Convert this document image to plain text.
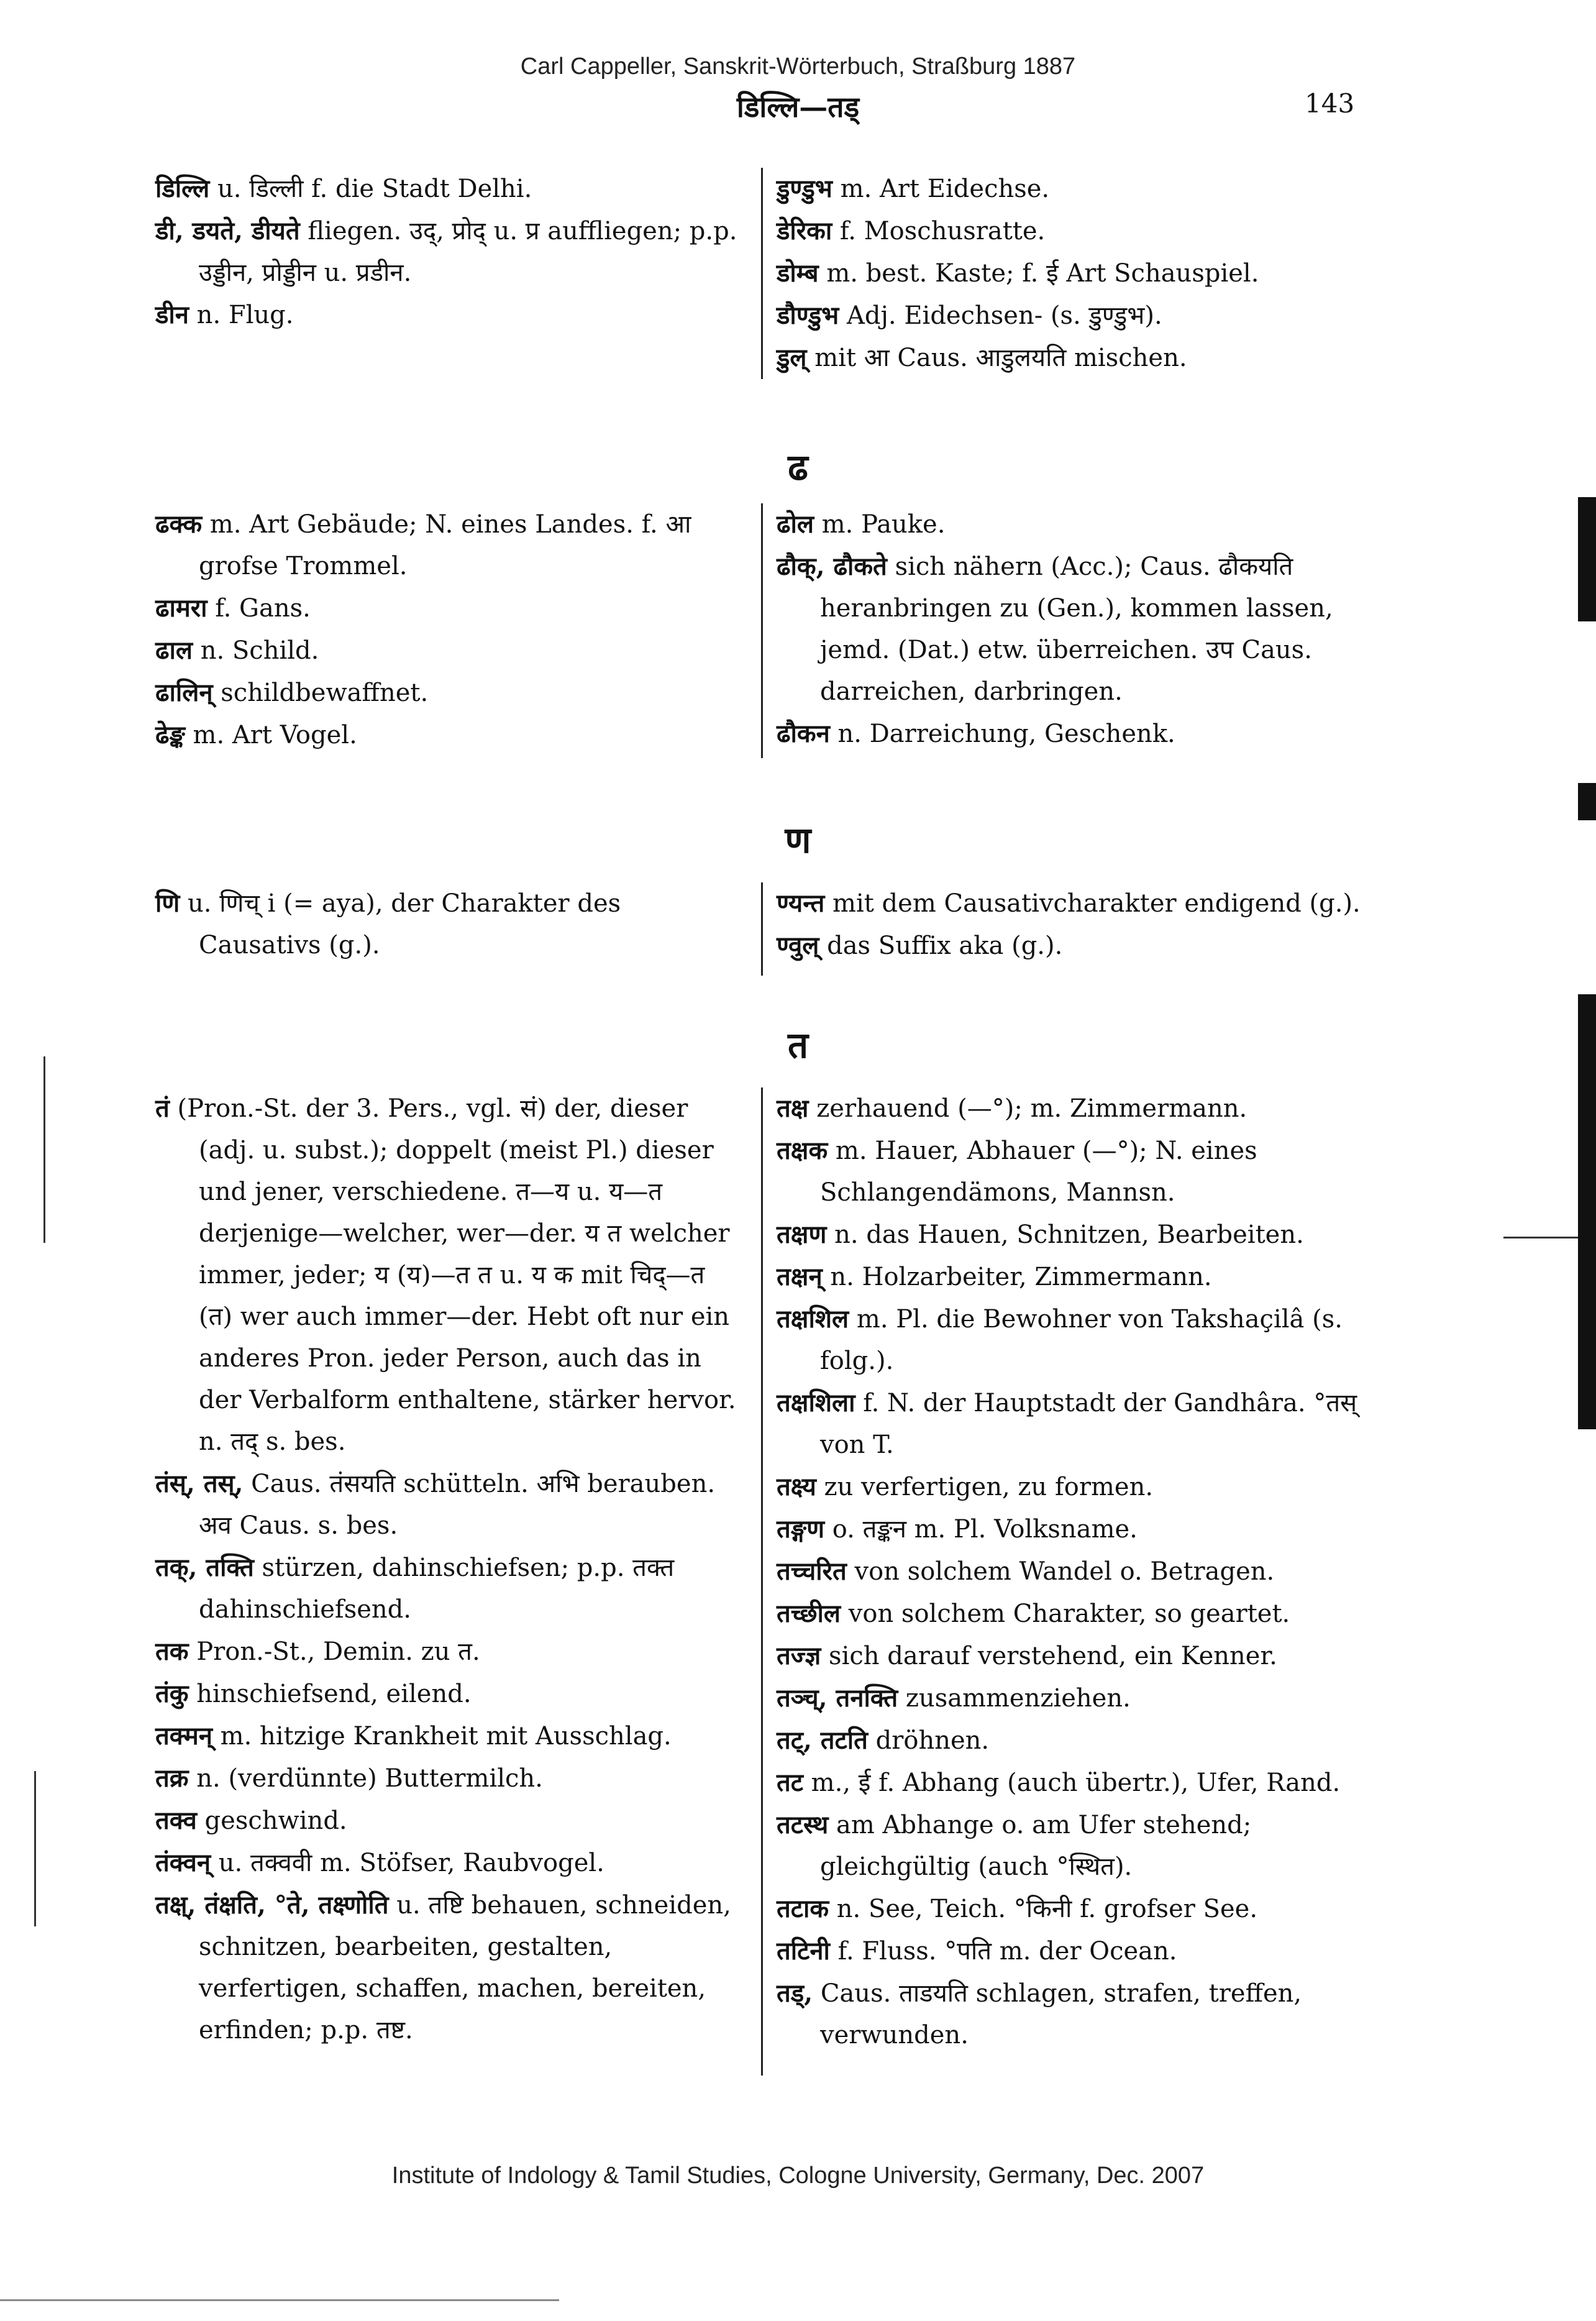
Carl Cappeller, Sanskrit-Wörterbuch, Straßburg 1887
डिल्लि—तड्	143

डिल्लि u. डिल्ली f. die Stadt Delhi.

डी, डयते, डीयते fliegen. उद्, प्रोद् u. प्र auffliegen; p.p. उड्डीन, प्रोड्डीन u. प्रडीन.

डीन n. Flug.

डुण्डुभ m. Art Eidechse.

डेरिका f. Moschusratte.

डोम्ब m. best. Kaste; f. ई Art Schauspiel.

डौण्डुभ Adj. Eidechsen- (s. डुण्डुभ).

डुल् mit आ Caus. आडुलयति mischen.

ढ

ढक्क m. Art Gebäude; N. eines Landes. f. आ grofse Trommel.

ढामरा f. Gans.

ढाल n. Schild.

ढालिन् schildbewaffnet.

ढेङ्क m. Art Vogel.

ढोल m. Pauke.

ढौक्, ढौकते sich nähern (Acc.); Caus. ढौकयति heranbringen zu (Gen.), kommen lassen, jemd. (Dat.) etw. überreichen. उप Caus. darreichen, darbringen.

ढौकन n. Darreichung, Geschenk.

ण

णि u. णिच् i (= aya), der Charakter des Causativs (g.).

ण्यन्त mit dem Causativcharakter endigend (g.).

ण्वुल् das Suffix aka (g.).

त

तं (Pron.-St. der 3. Pers., vgl. सं) der, dieser (adj. u. subst.); doppelt (meist Pl.) dieser und jener, verschiedene. त—य u. य—त derjenige—welcher, wer—der. य त welcher immer, jeder; य (य)—त त u. य क mit चिद्—त (त) wer auch immer—der. Hebt oft nur ein anderes Pron. jeder Person, auch das in der Verbalform enthaltene, stärker hervor. n. तद् s. bes.

तंस्, तस्, Caus. तंसयति schütteln. अभि berauben. अव Caus. s. bes.

तक्, तक्ति stürzen, dahinschiefsen; p.p. तक्त dahinschiefsend.

तक Pron.-St., Demin. zu त.

तंकु hinschiefsend, eilend.

तक्मन् m. hitzige Krankheit mit Ausschlag.

तक्र n. (verdünnte) Buttermilch.

तक्व geschwind.

तंक्वन् u. तक्ववी m. Stöfser, Raubvogel.

तक्ष्, तंक्षति, °ते, तक्ष्णोति u. तष्टि behauen, schneiden, schnitzen, bearbeiten, gestalten, verfertigen, schaffen, machen, bereiten, erfinden; p.p. तष्ट.

तक्ष zerhauend (—°); m. Zimmermann.

तक्षक m. Hauer, Abhauer (—°); N. eines Schlangendämons, Mannsn.

तक्षण n. das Hauen, Schnitzen, Bearbeiten.

तक्षन् n. Holzarbeiter, Zimmermann.

तक्षशिल m. Pl. die Bewohner von Takshaçilâ (s. folg.).

तक्षशिला f. N. der Hauptstadt der Gandhâra. °तस् von T.

तक्ष्य zu verfertigen, zu formen.

तङ्गण o. तङ्कन m. Pl. Volksname.

तच्चरित von solchem Wandel o. Betragen.

तच्छील von solchem Charakter, so geartet.

तज्ज्ञ sich darauf verstehend, ein Kenner.

तञ्च्, तनक्ति zusammenziehen.

तट्, तटति dröhnen.

तट m., ई f. Abhang (auch übertr.), Ufer, Rand.

तटस्थ am Abhange o. am Ufer stehend; gleichgültig (auch °स्थित).

तटाक n. See, Teich. °किनी f. grofser See.

तटिनी f. Fluss. °पति m. der Ocean.

तड्, Caus. ताडयति schlagen, strafen, treffen, verwunden.

Institute of Indology & Tamil Studies, Cologne University, Germany, Dec. 2007
